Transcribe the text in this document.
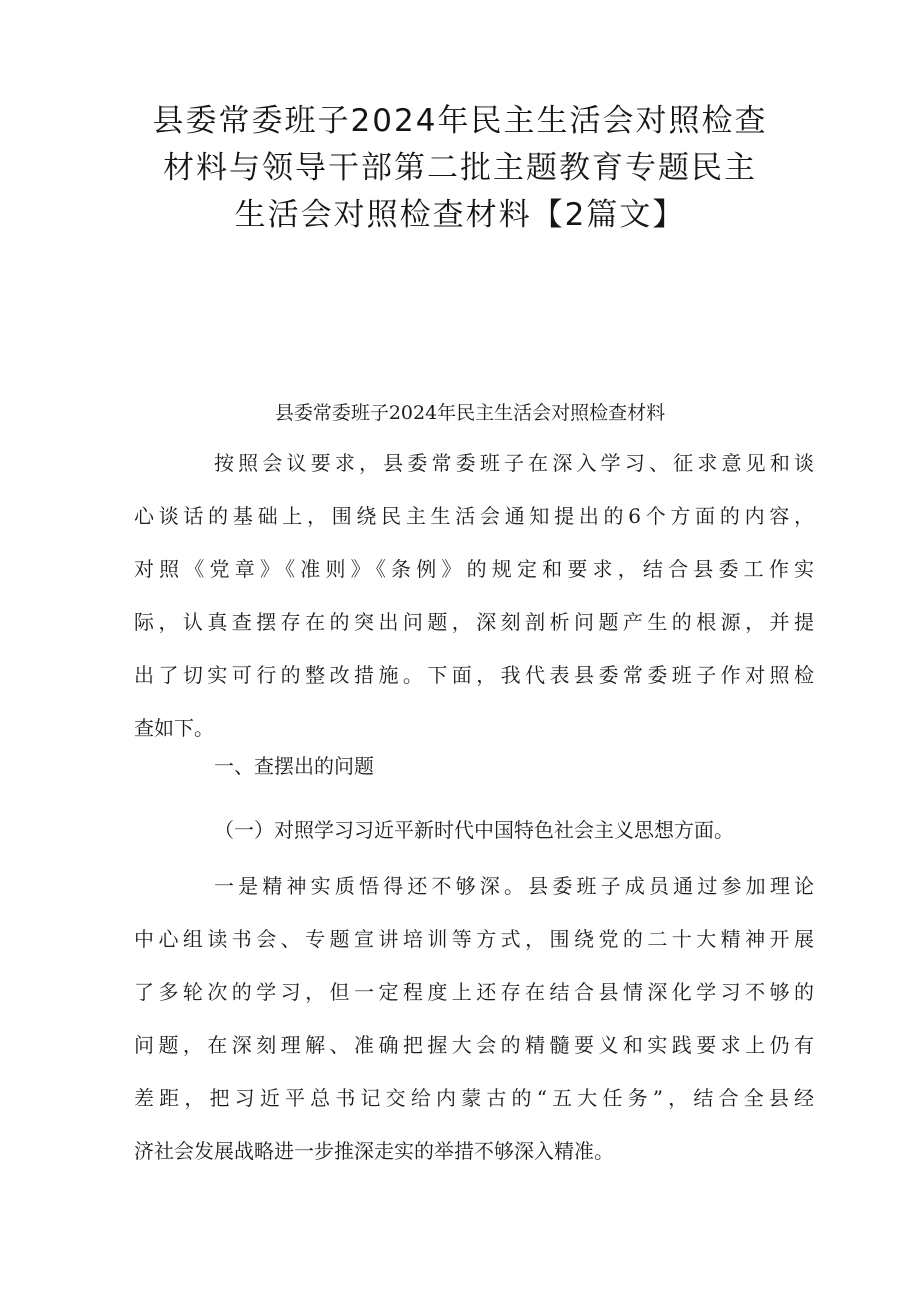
县委常委班子2024年民主生活会对照检查
材料与领导干部第二批主题教育专题民主
生活会对照检查材料【2篇文】
县委常委班子2024年民主生活会对照检查材料
按照会议要求，县委常委班子在深入学习、征求意见和谈
心谈话的基础上，围绕民主生活会通知提出的6个方面的内容，
对照《党章》《准则》《条例》的规定和要求，结合县委工作实
际，认真查摆存在的突出问题，深刻剖析问题产生的根源，并提
出了切实可行的整改措施。下面，我代表县委常委班子作对照检
查如下。
一、查摆出的问题
（一）对照学习习近平新时代中国特色社会主义思想方面。
一是精神实质悟得还不够深。县委班子成员通过参加理论
中心组读书会、专题宣讲培训等方式，围绕党的二十大精神开展
了多轮次的学习，但一定程度上还存在结合县情深化学习不够的
问题，在深刻理解、准确把握大会的精髓要义和实践要求上仍有
差距，把习近平总书记交给内蒙古的“五大任务”，结合全县经
济社会发展战略进一步推深走实的举措不够深入精准。
